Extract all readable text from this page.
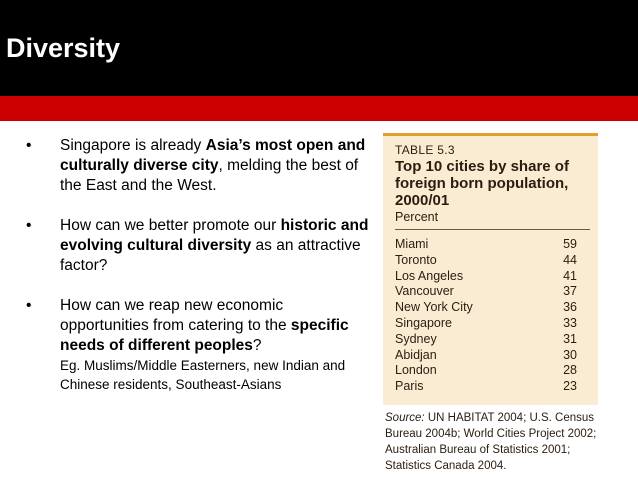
Diversity
• Singapore is already Asia’s most open and culturally diverse city, melding the best of the East and the West.
• How can we better promote our historic and evolving cultural diversity as an attractive factor?
• How can we reap new economic opportunities from catering to the specific needs of different peoples?
Eg. Muslims/Middle Easterners, new Indian and Chinese residents, Southeast-Asians
TABLE 5.3
Top 10 cities by share of foreign born population, 2000/01
Percent
Miami	59
Toronto	44
Los Angeles	41
Vancouver	37
New York City	36
Singapore	33
Sydney	31
Abidjan	30
London	28
Paris	23
Source: UN HABITAT 2004; U.S. Census Bureau 2004b; World Cities Project 2002; Australian Bureau of Statistics 2001; Statistics Canada 2004.
